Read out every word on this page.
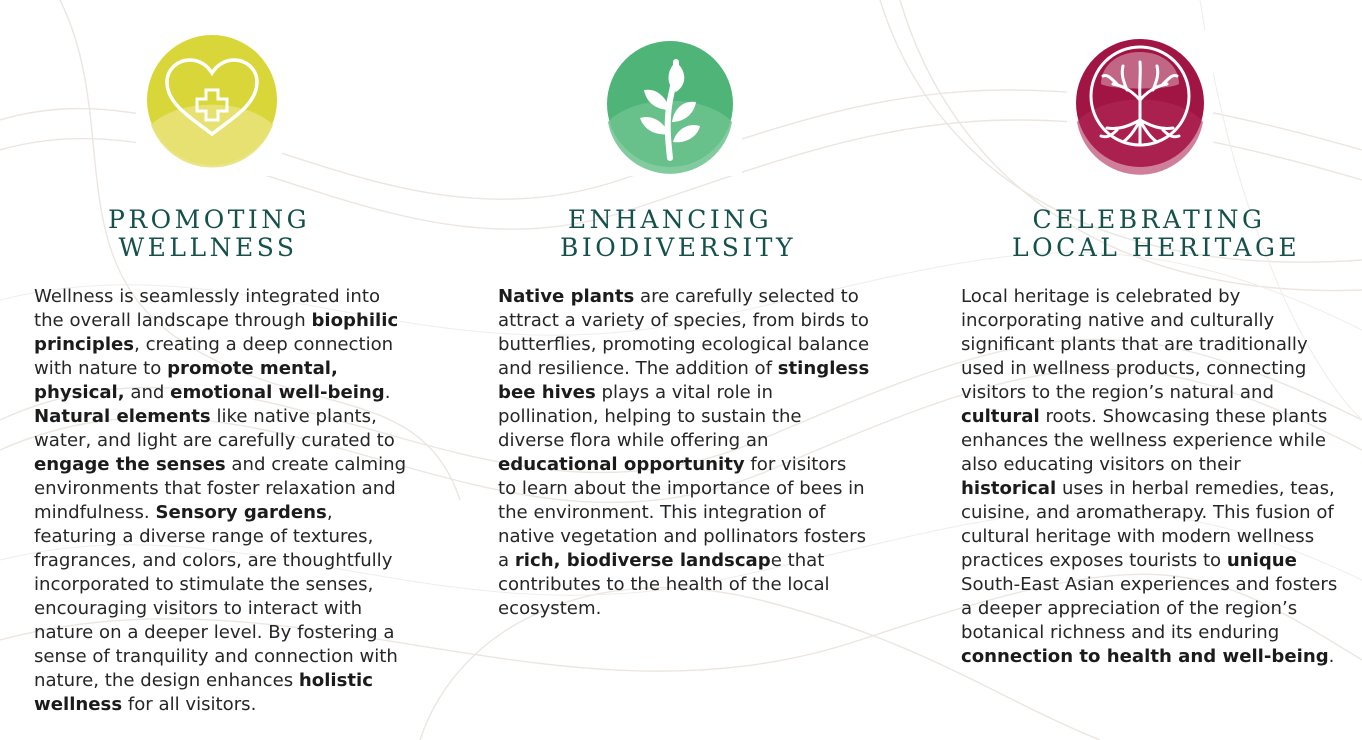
PROMOTING
WELLNESS

Wellness is seamlessly integrated into the overall landscape through biophilic principles, creating a deep connection with nature to promote mental, physical, and emotional well-being. Natural elements like native plants, water, and light are carefully curated to engage the senses and create calming environments that foster relaxation and mindfulness. Sensory gardens, featuring a diverse range of textures, fragrances, and colors, are thoughtfully incorporated to stimulate the senses, encouraging visitors to interact with nature on a deeper level. By fostering a sense of tranquility and connection with nature, the design enhances holistic wellness for all visitors.

ENHANCING
BIODIVERSITY

Native plants are carefully selected to attract a variety of species, from birds to butterflies, promoting ecological balance and resilience. The addition of stingless bee hives plays a vital role in pollination, helping to sustain the diverse flora while offering an educational opportunity for visitors to learn about the importance of bees in the environment. This integration of native vegetation and pollinators fosters a rich, biodiverse landscape that contributes to the health of the local ecosystem.

CELEBRATING
LOCAL HERITAGE

Local heritage is celebrated by incorporating native and culturally significant plants that are traditionally used in wellness products, connecting visitors to the region’s natural and cultural roots. Showcasing these plants enhances the wellness experience while also educating visitors on their historical uses in herbal remedies, teas, cuisine, and aromatherapy. This fusion of cultural heritage with modern wellness practices exposes tourists to unique South-East Asian experiences and fosters a deeper appreciation of the region’s botanical richness and its enduring connection to health and well-being.
